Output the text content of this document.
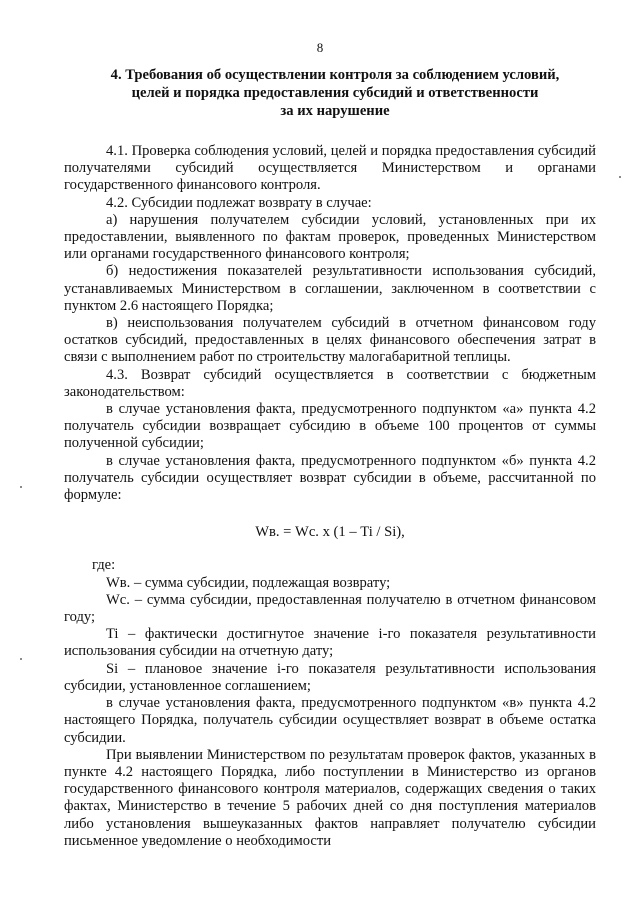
8
4. Требования об осуществлении контроля за соблюдением условий,
целей и порядка предоставления субсидий и ответственности
за их нарушение

4.1. Проверка соблюдения условий, целей и порядка предоставления субсидий получателями субсидий осуществляется Министерством и органами государственного финансового контроля.

4.2. Субсидии подлежат возврату в случае:

а) нарушения получателем субсидии условий, установленных при их предоставлении, выявленного по фактам проверок, проведенных Министерством или органами государственного финансового контроля;

б) недостижения показателей результативности использования субсидий, устанавливаемых Министерством в соглашении, заключенном в соответствии с пунктом 2.6 настоящего Порядка;

в) неиспользования получателем субсидий в отчетном финансовом году остатков субсидий, предоставленных в целях финансового обеспечения затрат в связи с выполнением работ по строительству малогабаритной теплицы.

4.3. Возврат субсидий осуществляется в соответствии с бюджетным законодательством:

в случае установления факта, предусмотренного подпунктом «а» пункта 4.2 получатель субсидии возвращает субсидию в объеме 100 процентов от суммы полученной субсидии;

в случае установления факта, предусмотренного подпунктом «б» пункта 4.2 получатель субсидии осуществляет возврат субсидии в объеме, рассчитанной по формуле:

Wв. = Wс. х (1 – Ti / Si),

где:

Wв. – сумма субсидии, подлежащая возврату;

Wс. – сумма субсидии, предоставленная получателю в отчетном финансовом году;

Ti – фактически достигнутое значение i-го показателя результативности использования субсидии на отчетную дату;

Si – плановое значение i-го показателя результативности использования субсидии, установленное соглашением;

в случае установления факта, предусмотренного подпунктом «в» пункта 4.2 настоящего Порядка, получатель субсидии осуществляет возврат в объеме остатка субсидии.

При выявлении Министерством по результатам проверок фактов, указанных в пункте 4.2 настоящего Порядка, либо поступлении в Министерство из органов государственного финансового контроля материалов, содержащих сведения о таких фактах, Министерство в течение 5 рабочих дней со дня поступления материалов либо установления вышеуказанных фактов направляет получателю субсидии письменное уведомление о необходимости
